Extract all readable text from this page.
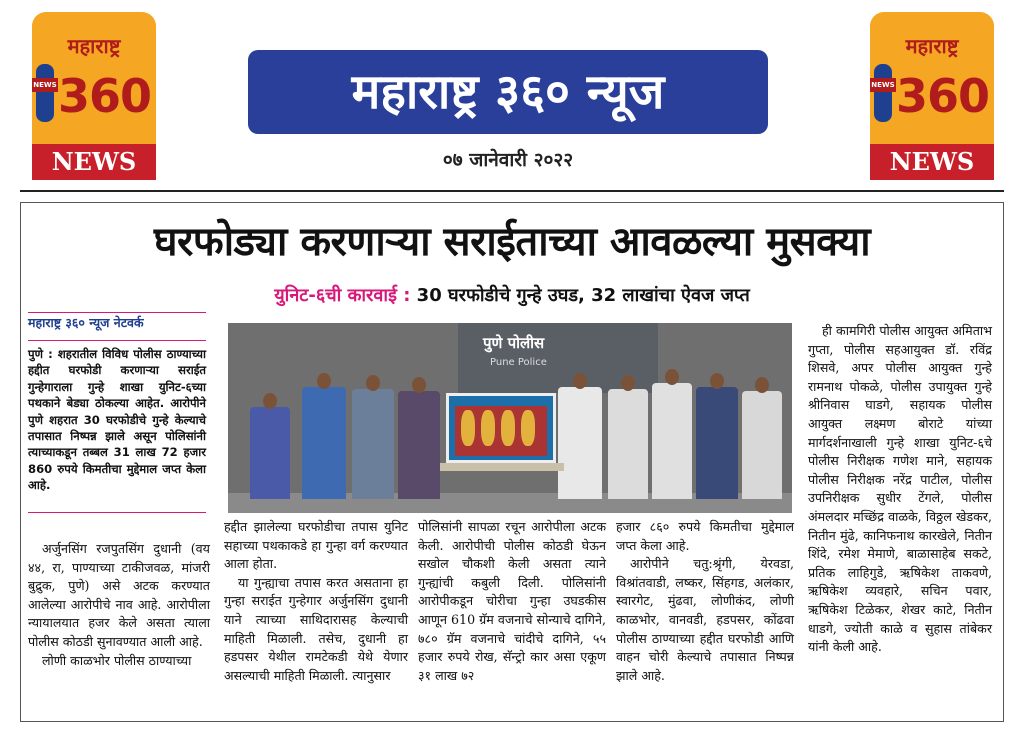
महाराष्ट्र
NEWS 360
NEWS
महाराष्ट्र ३६० न्यूज
०७ जानेवारी २०२२
महाराष्ट्र
NEWS 360
NEWS
घरफोड्या करणाऱ्या सराईताच्या आवळल्या मुसक्या
युनिट-६ची कारवाई : 30 घरफोडीचे गुन्हे उघड, 32 लाखांचा ऐवज जप्त
महाराष्ट्र ३६० न्यूज नेटवर्क
पुणे : शहरातील विविध पोलीस ठाण्याच्या हद्दीत घरफोडी करणाऱ्या सराईत गुन्हेगाराला गुन्हे शाखा युनिट-६च्या पथकाने बेड्या ठोकल्या आहेत. आरोपीने पुणे शहरात 30 घरफोडीचे गुन्हे केल्याचे तपासात निष्पन्न झाले असून पोलिसांनी त्याच्याकडून तब्बल 31 लाख 72 हजार 860 रुपये किमतीचा मुद्देमाल जप्त केला आहे.
पुणे पोलीस
Pune Police

अर्जुनसिंग रजपुतसिंग दुधानी (वय ४४, रा, पाण्याच्या टाकीजवळ, मांजरी बुद्रुक, पुणे) असे अटक करण्यात आलेल्या आरोपीचे नाव आहे. आरोपीला न्यायालयात हजर केले असता त्याला पोलीस कोठडी सुनावण्यात आली आहे.

लोणी काळभोर पोलीस ठाण्याच्या

हद्दीत झालेल्या घरफोडीचा तपास युनिट सहाच्या पथकाकडे हा गुन्हा वर्ग करण्यात आला होता.

या गुन्ह्याचा तपास करत असताना हा गुन्हा सराईत गुन्हेगार अर्जुनसिंग दुधानी याने त्याच्या साथिदारासह केल्याची माहिती मिळाली. तसेच, दुधानी हा हडपसर येथील रामटेकडी येथे येणार असल्याची माहिती मिळाली. त्यानुसार

पोलिसांनी सापळा रचून आरोपीला अटक केली. आरोपीची पोलीस कोठडी घेऊन सखोल चौकशी केली असता त्याने गुन्ह्यांची कबुली दिली. पोलिसांनी आरोपीकडून चोरीचा गुन्हा उघडकीस आणून 610 ग्रॅम वजनाचे सोन्याचे दागिने, ७८० ग्रॅम वजनाचे चांदीचे दागिने, ५५ हजार रुपये रोख, सॅन्ट्रो कार असा एकूण ३१ लाख ७२

हजार ८६० रुपये किमतीचा मुद्देमाल जप्त केला आहे.

आरोपीने चतु:श्रृंगी, येरवडा, विश्रांतवाडी, लष्कर, सिंहगड, अलंकार, स्वारगेट, मुंढवा, लोणीकंद, लोणी काळभोर, वानवडी, हडपसर, कोंढवा पोलीस ठाण्याच्या हद्दीत घरफोडी आणि वाहन चोरी केल्याचे तपासात निष्पन्न झाले आहे.

ही कामगिरी पोलीस आयुक्त अमिताभ गुप्ता, पोलीस सहआयुक्त डॉ. रविंद्र शिसवे, अपर पोलीस आयुक्त गुन्हे रामनाथ पोकळे, पोलीस उपायुक्त गुन्हे श्रीनिवास घाडगे, सहायक पोलीस आयुक्त लक्ष्मण बोराटे यांच्या मार्गदर्शनाखाली गुन्हे शाखा युनिट-६चे पोलीस निरीक्षक गणेश माने, सहायक पोलीस निरीक्षक नरेंद्र पाटील, पोलीस उपनिरीक्षक सुधीर टेंगले, पोलीस अंमलदार मच्छिंद्र वाळके, विठ्ठल खेडकर, नितीन मुंढे, कानिफनाथ कारखेले, नितीन शिंदे, रमेश मेमाणे, बाळासाहेब सकटे, प्रतिक लाहिगुडे, ऋषिकेश ताकवणे, ऋषिकेश व्यवहारे, सचिन पवार, ऋषिकेश टिळेकर, शेखर काटे, नितीन धाडगे, ज्योती काळे व सुहास तांबेकर यांनी केली आहे.
